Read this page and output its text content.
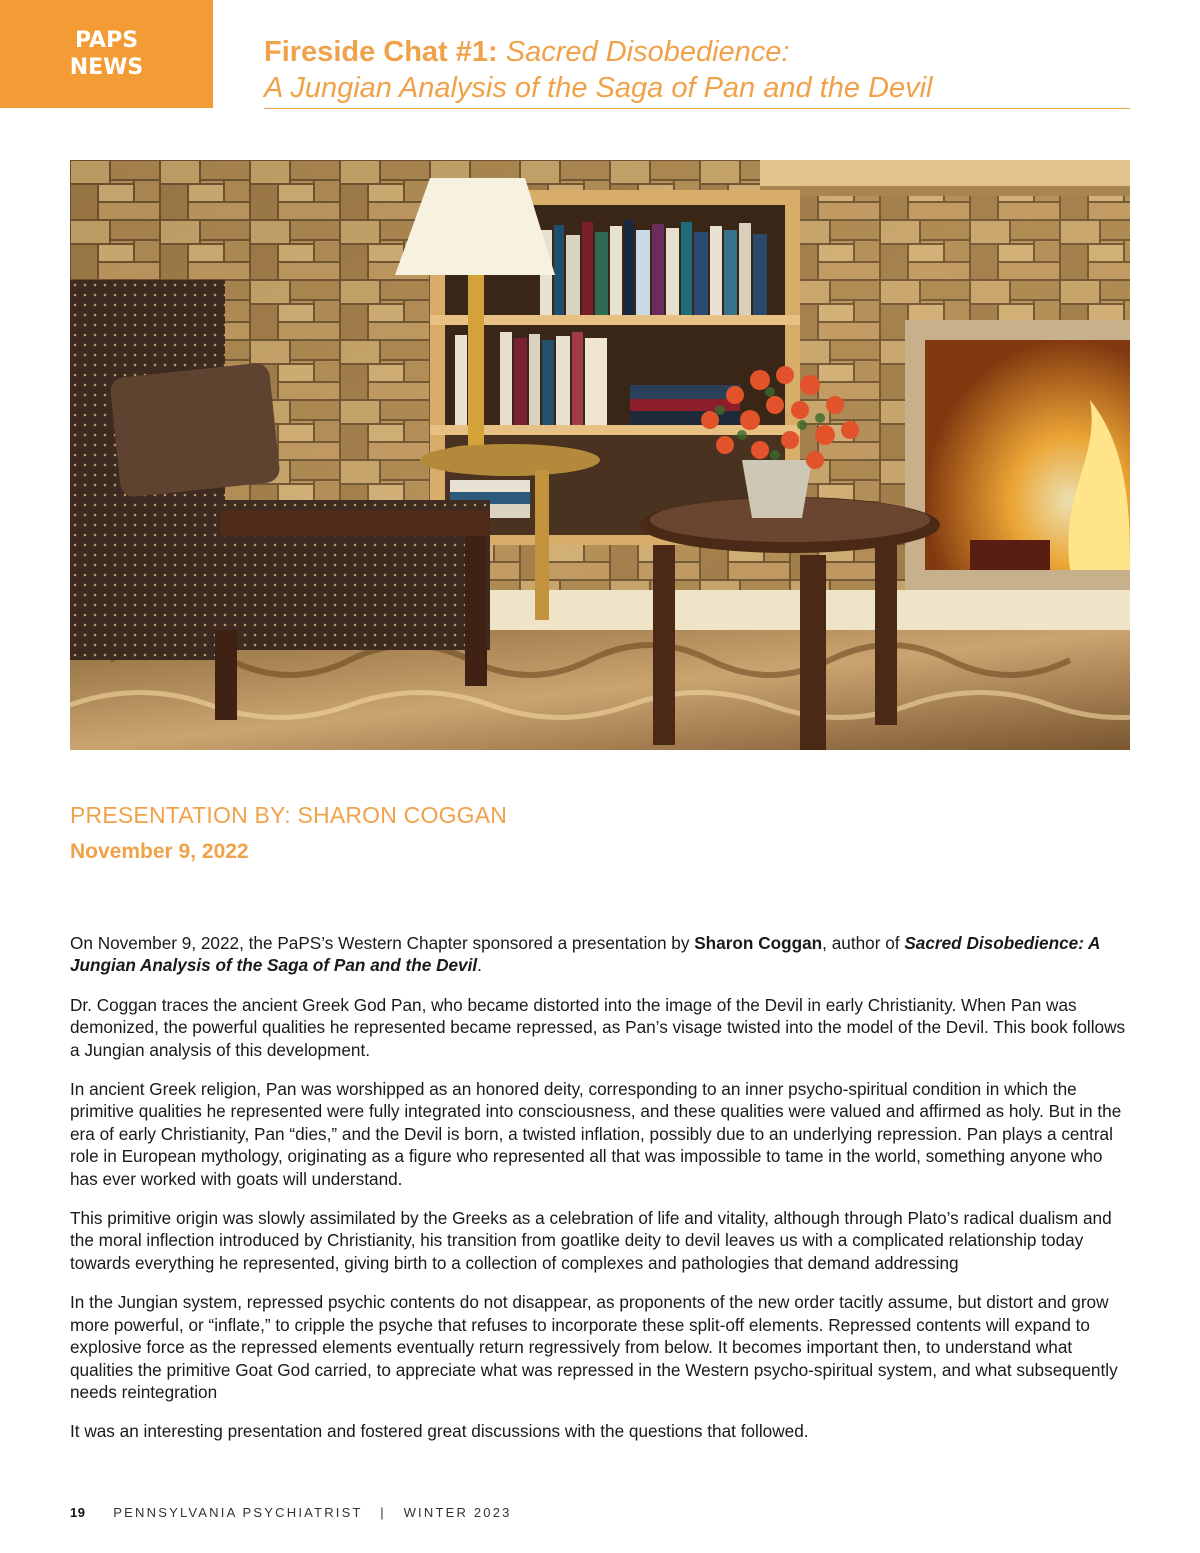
PAPS
NEWS	Fireside Chat #1: Sacred Disobedience:
A Jungian Analysis of the Saga of Pan and the Devil
PRESENTATION BY: SHARON COGGAN
November 9, 2022

On November 9, 2022, the PaPS’s Western Chapter sponsored a presentation by Sharon Coggan, author of Sacred Disobedience: A Jungian Analysis of the Saga of Pan and the Devil.

Dr. Coggan traces the ancient Greek God Pan, who became distorted into the image of the Devil in early Christianity. When Pan was demonized, the powerful qualities he represented became repressed, as Pan’s visage twisted into the model of the Devil. This book follows a Jungian analysis of this development.

In ancient Greek religion, Pan was worshipped as an honored deity, corresponding to an inner psycho-spiritual condition in which the primitive qualities he represented were fully integrated into consciousness, and these qualities were valued and affirmed as holy. But in the era of early Christianity, Pan “dies,” and the Devil is born, a twisted inflation, possibly due to an underlying repression. Pan plays a central role in European mythology, originating as a figure who represented all that was impossible to tame in the world, something anyone who has ever worked with goats will understand.

This primitive origin was slowly assimilated by the Greeks as a celebration of life and vitality, although through Plato’s radical dualism and the moral inflection introduced by Christianity, his transition from goatlike deity to devil leaves us with a complicated relationship today towards everything he represented, giving birth to a collection of complexes and pathologies that demand addressing

In the Jungian system, repressed psychic contents do not disappear, as proponents of the new order tacitly assume, but distort and grow more powerful, or “inflate,” to cripple the psyche that refuses to incorporate these split-off elements. Repressed contents will expand to explosive force as the repressed elements eventually return regressively from below. It becomes important then, to understand what qualities the primitive Goat God carried, to appreciate what was repressed in the Western psycho-spiritual system, and what subsequently needs reintegration

It was an interesting presentation and fostered great discussions with the questions that followed.

19 PENNSYLVANIA PSYCHIATRIST | WINTER 2023
